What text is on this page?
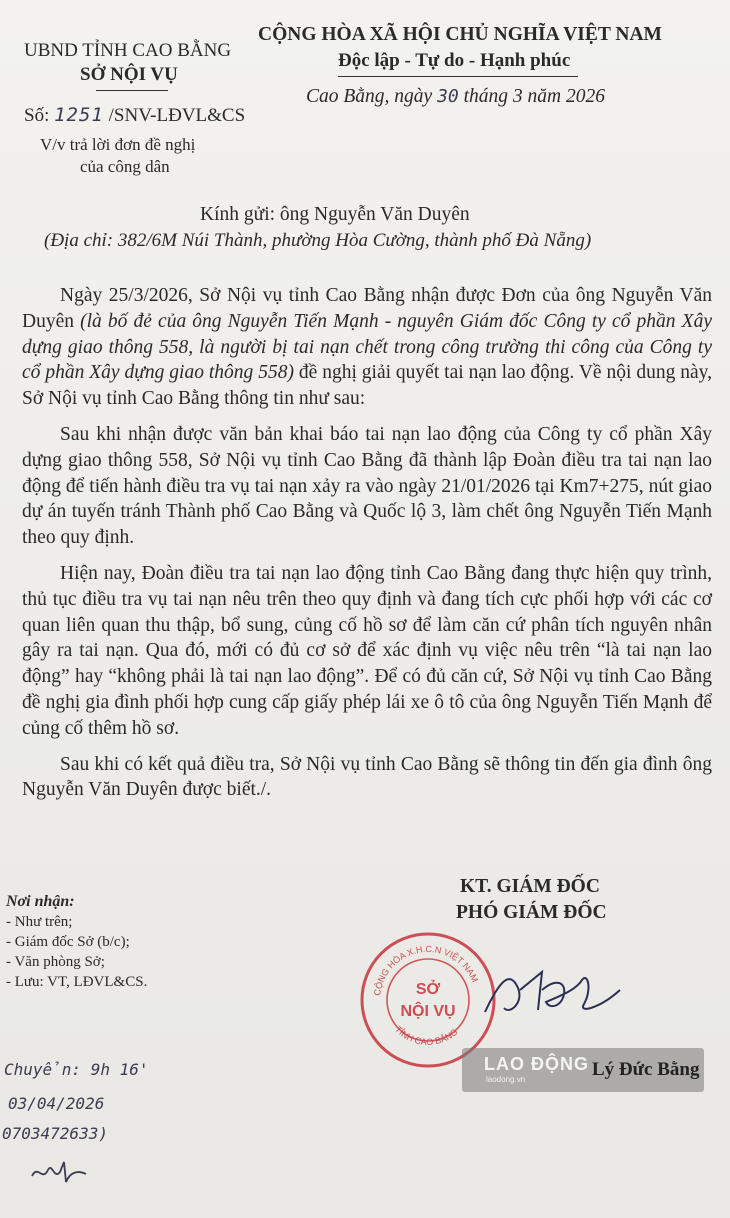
UBND TỈNH CAO BẰNG
SỞ NỘI VỤ
Số: 1251 /SNV-LĐVL&CS
V/v trả lời đơn đề nghị
của công dân
CỘNG HÒA XÃ HỘI CHỦ NGHĨA VIỆT NAM
Độc lập - Tự do - Hạnh phúc
Cao Bằng, ngày 30 tháng 3 năm 2026
Kính gửi: ông Nguyễn Văn Duyên
(Địa chỉ: 382/6M Núi Thành, phường Hòa Cường, thành phố Đà Nẵng)

Ngày 25/3/2026, Sở Nội vụ tỉnh Cao Bằng nhận được Đơn của ông Nguyễn Văn Duyên (là bố đẻ của ông Nguyễn Tiến Mạnh - nguyên Giám đốc Công ty cổ phần Xây dựng giao thông 558, là người bị tai nạn chết trong công trường thi công của Công ty cổ phần Xây dựng giao thông 558) đề nghị giải quyết tai nạn lao động. Về nội dung này, Sở Nội vụ tỉnh Cao Bằng thông tin như sau:

Sau khi nhận được văn bản khai báo tai nạn lao động của Công ty cổ phần Xây dựng giao thông 558, Sở Nội vụ tỉnh Cao Bằng đã thành lập Đoàn điều tra tai nạn lao động để tiến hành điều tra vụ tai nạn xảy ra vào ngày 21/01/2026 tại Km7+275, nút giao dự án tuyến tránh Thành phố Cao Bằng và Quốc lộ 3, làm chết ông Nguyễn Tiến Mạnh theo quy định.

Hiện nay, Đoàn điều tra tai nạn lao động tỉnh Cao Bằng đang thực hiện quy trình, thủ tục điều tra vụ tai nạn nêu trên theo quy định và đang tích cực phối hợp với các cơ quan liên quan thu thập, bổ sung, củng cố hồ sơ để làm căn cứ phân tích nguyên nhân gây ra tai nạn. Qua đó, mới có đủ cơ sở để xác định vụ việc nêu trên “là tai nạn lao động” hay “không phải là tai nạn lao động”. Để có đủ căn cứ, Sở Nội vụ tỉnh Cao Bằng đề nghị gia đình phối hợp cung cấp giấy phép lái xe ô tô của ông Nguyễn Tiến Mạnh để củng cố thêm hồ sơ.

Sau khi có kết quả điều tra, Sở Nội vụ tỉnh Cao Bằng sẽ thông tin đến gia đình ông Nguyễn Văn Duyên được biết./.

Nơi nhận:
- Như trên;
- Giám đốc Sở (b/c);
- Văn phòng Sở;
- Lưu: VT, LĐVL&CS.
KT. GIÁM ĐỐC
PHÓ GIÁM ĐỐC
CỘNG HÒA X.H.C.N VIỆT NAM
TỈNH CAO BẰNG
SỞ
NỘI VỤ
LAO ĐỘNG
laodong.vn	Lý Đức Bằng
Chuyển: 9h 16'
03/04/2026
0703472633)
